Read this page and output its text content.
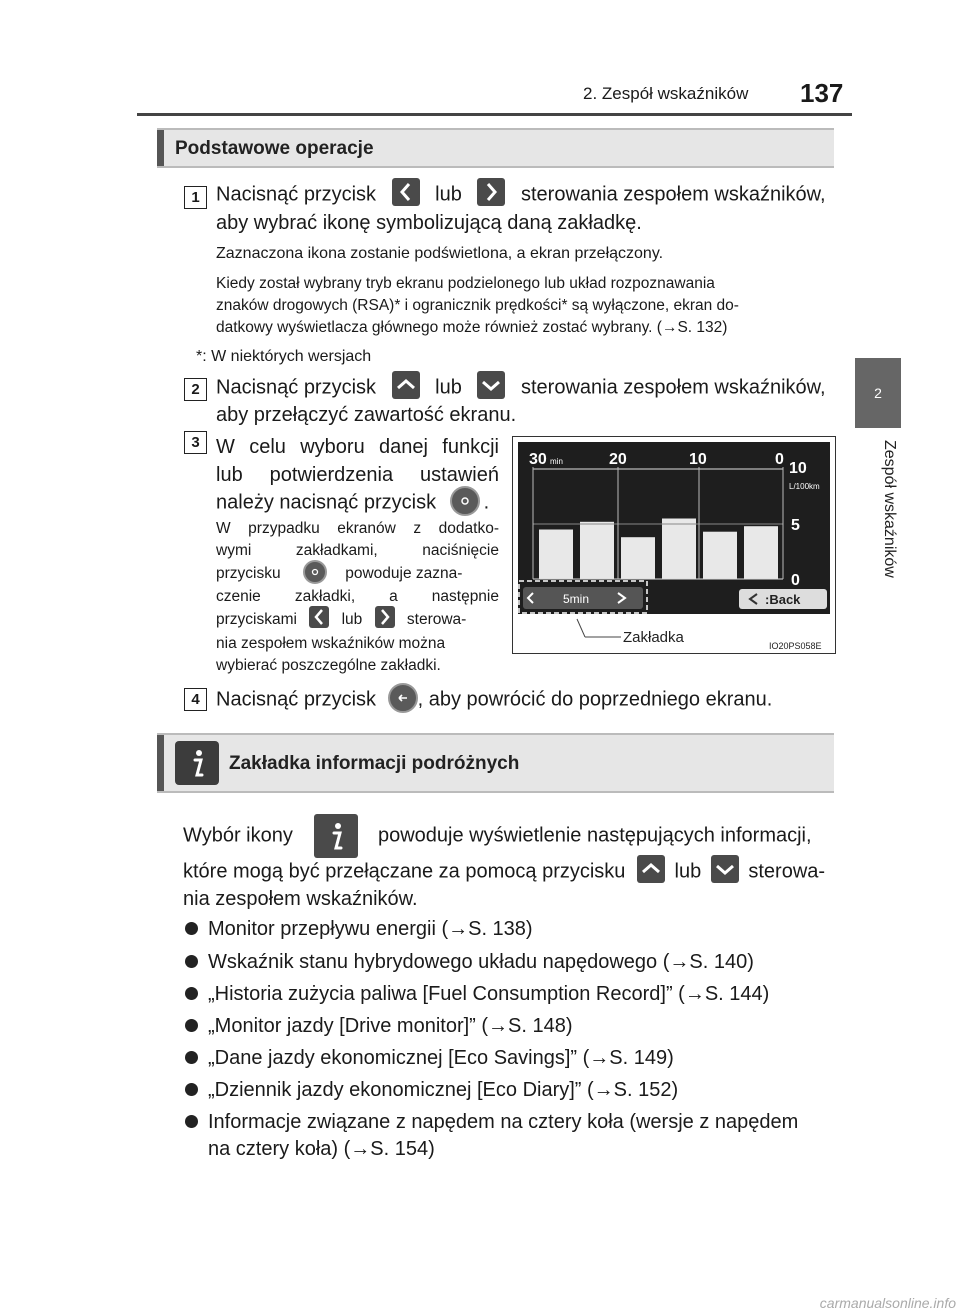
2. Zespół wskaźników 137
2
Zespół wskaźników
Podstawowe operacje
1 Nacisnąć przycisk	lub	sterowania zespołem wskaźników,
aby wybrać ikonę symbolizującą daną zakładkę.
Zaznaczona ikona zostanie podświetlona, a ekran przełączony.
Kiedy został wybrany tryb ekranu podzielonego lub układ rozpoznawania
znaków drogowych (RSA)* i ogranicznik prędkości* są wyłączone, ekran do-
datkowy wyświetlacza głównego może również zostać wybrany. (→S. 132)
*: W niektórych wersjach
2 Nacisnąć przycisk	lub	sterowania zespołem wskaźników,
aby przełączyć zawartość ekranu.
3 W celu wyboru danej funkcji
lub potwierdzenia ustawień
należy nacisnąć przycisk .
W przypadku ekranów z dodatko-
wymi zakładkami, naciśnięcie
przycisku	powoduje zazna-
czenie zakładki, a następnie
przyciskami	lub	sterowa-
nia zespołem wskaźników można
wybierać poszczególne zakładki.
30 min	20	10	0
10
L/100km
5
0
5min	:Back
Zakładka	IO20PS058E
4 Nacisnąć przycisk , aby powrócić do poprzedniego ekranu.
Zakładka informacji podróżnych
Wybór ikony	powoduje wyświetlenie następujących informacji,
które mogą być przełączane za pomocą przycisku lub sterowa-
nia zespołem wskaźników.
Monitor przepływu energii (→S. 138)
Wskaźnik stanu hybrydowego układu napędowego (→S. 140)
„Historia zużycia paliwa [Fuel Consumption Record]” (→S. 144)
„Monitor jazdy [Drive monitor]” (→S. 148)
„Dane jazdy ekonomicznej [Eco Savings]” (→S. 149)
„Dziennik jazdy ekonomicznej [Eco Diary]” (→S. 152)
Informacje związane z napędem na cztery koła (wersje z napędem
na cztery koła) (→S. 154)
carmanualsonline.info
